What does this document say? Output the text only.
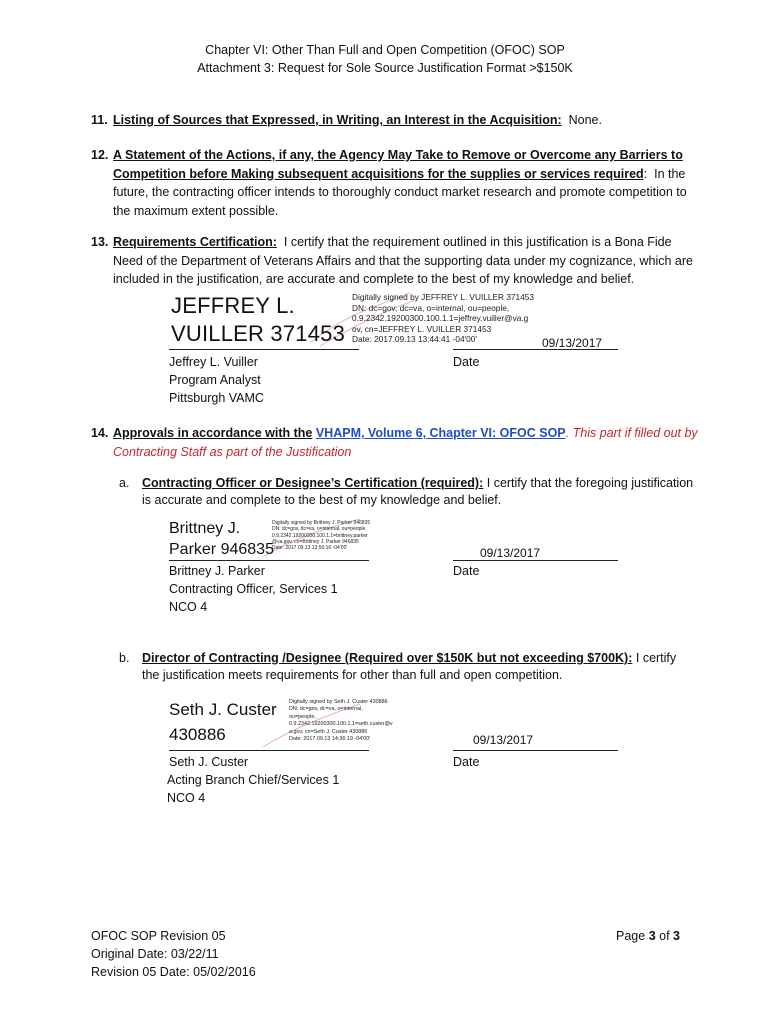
Chapter VI: Other Than Full and Open Competition (OFOC) SOP
Attachment 3: Request for Sole Source Justification Format >$150K
11. Listing of Sources that Expressed, in Writing, an Interest in the Acquisition: None.
12. A Statement of the Actions, if any, the Agency May Take to Remove or Overcome any Barriers to Competition before Making subsequent acquisitions for the supplies or services required:  In the future, the contracting officer intends to thoroughly conduct market research and promote competition to the maximum extent possible.
13. Requirements Certification: I certify that the requirement outlined in this justification is a Bona Fide Need of the Department of Veterans Affairs and that the supporting data under my cognizance, which are included in the justification, are accurate and complete to the best of my knowledge and belief.
JEFFREY L.
VUILLER 371453
Digitally signed by JEFFREY L. VUILLER 371453
DN: dc=gov, dc=va, o=internal, ou=people,
0.9.2342.19200300.100.1.1=jeffrey.vuiller@va.g
ov, cn=JEFFREY L. VUILLER 371453
Date: 2017.09.13 13:44:41 -04'00'	09/13/2017
Jeffrey L. Vuiller	Date
Program Analyst
Pittsburgh VAMC
14. Approvals in accordance with the VHAPM, Volume 6, Chapter VI: OFOC SOP. This part if filled out by Contracting Staff as part of the Justification
a. Contracting Officer or Designee’s Certification (required): I certify that the foregoing justification is accurate and complete to the best of my knowledge and belief.
Brittney J.
Parker 946835
Digitally signed by Brittney J. Parker 946835
DN: dc=gov, dc=va, o=internal, ou=people,
0.9.2342.19200300.100.1.1=brittney.parker
@va.gov, cn=Brittney J. Parker 946835
Date: 2017.09.13 13:50:16 -04'00'	09/13/2017
Brittney J. Parker	Date
Contracting Officer, Services 1
NCO 4
b. Director of Contracting /Designee (Required over $150K but not exceeding $700K): I certify
the justification meets requirements for other than full and open competition.
Seth J. Custer
430886
Digitally signed by Seth J. Custer 430886
DN: dc=gov, dc=va, o=internal,
ou=people,
0.9.2342.19200300.100.1.1=seth.custer@v
a.gov, cn=Seth J. Custer 430886
Date: 2017.09.13 14:36:19 -04'00'	09/13/2017
Seth J. Custer	Date
Acting Branch Chief/Services 1
NCO 4
OFOC SOP Revision 05
Original Date: 03/22/11
Revision 05 Date: 05/02/2016
Page 3 of 3
